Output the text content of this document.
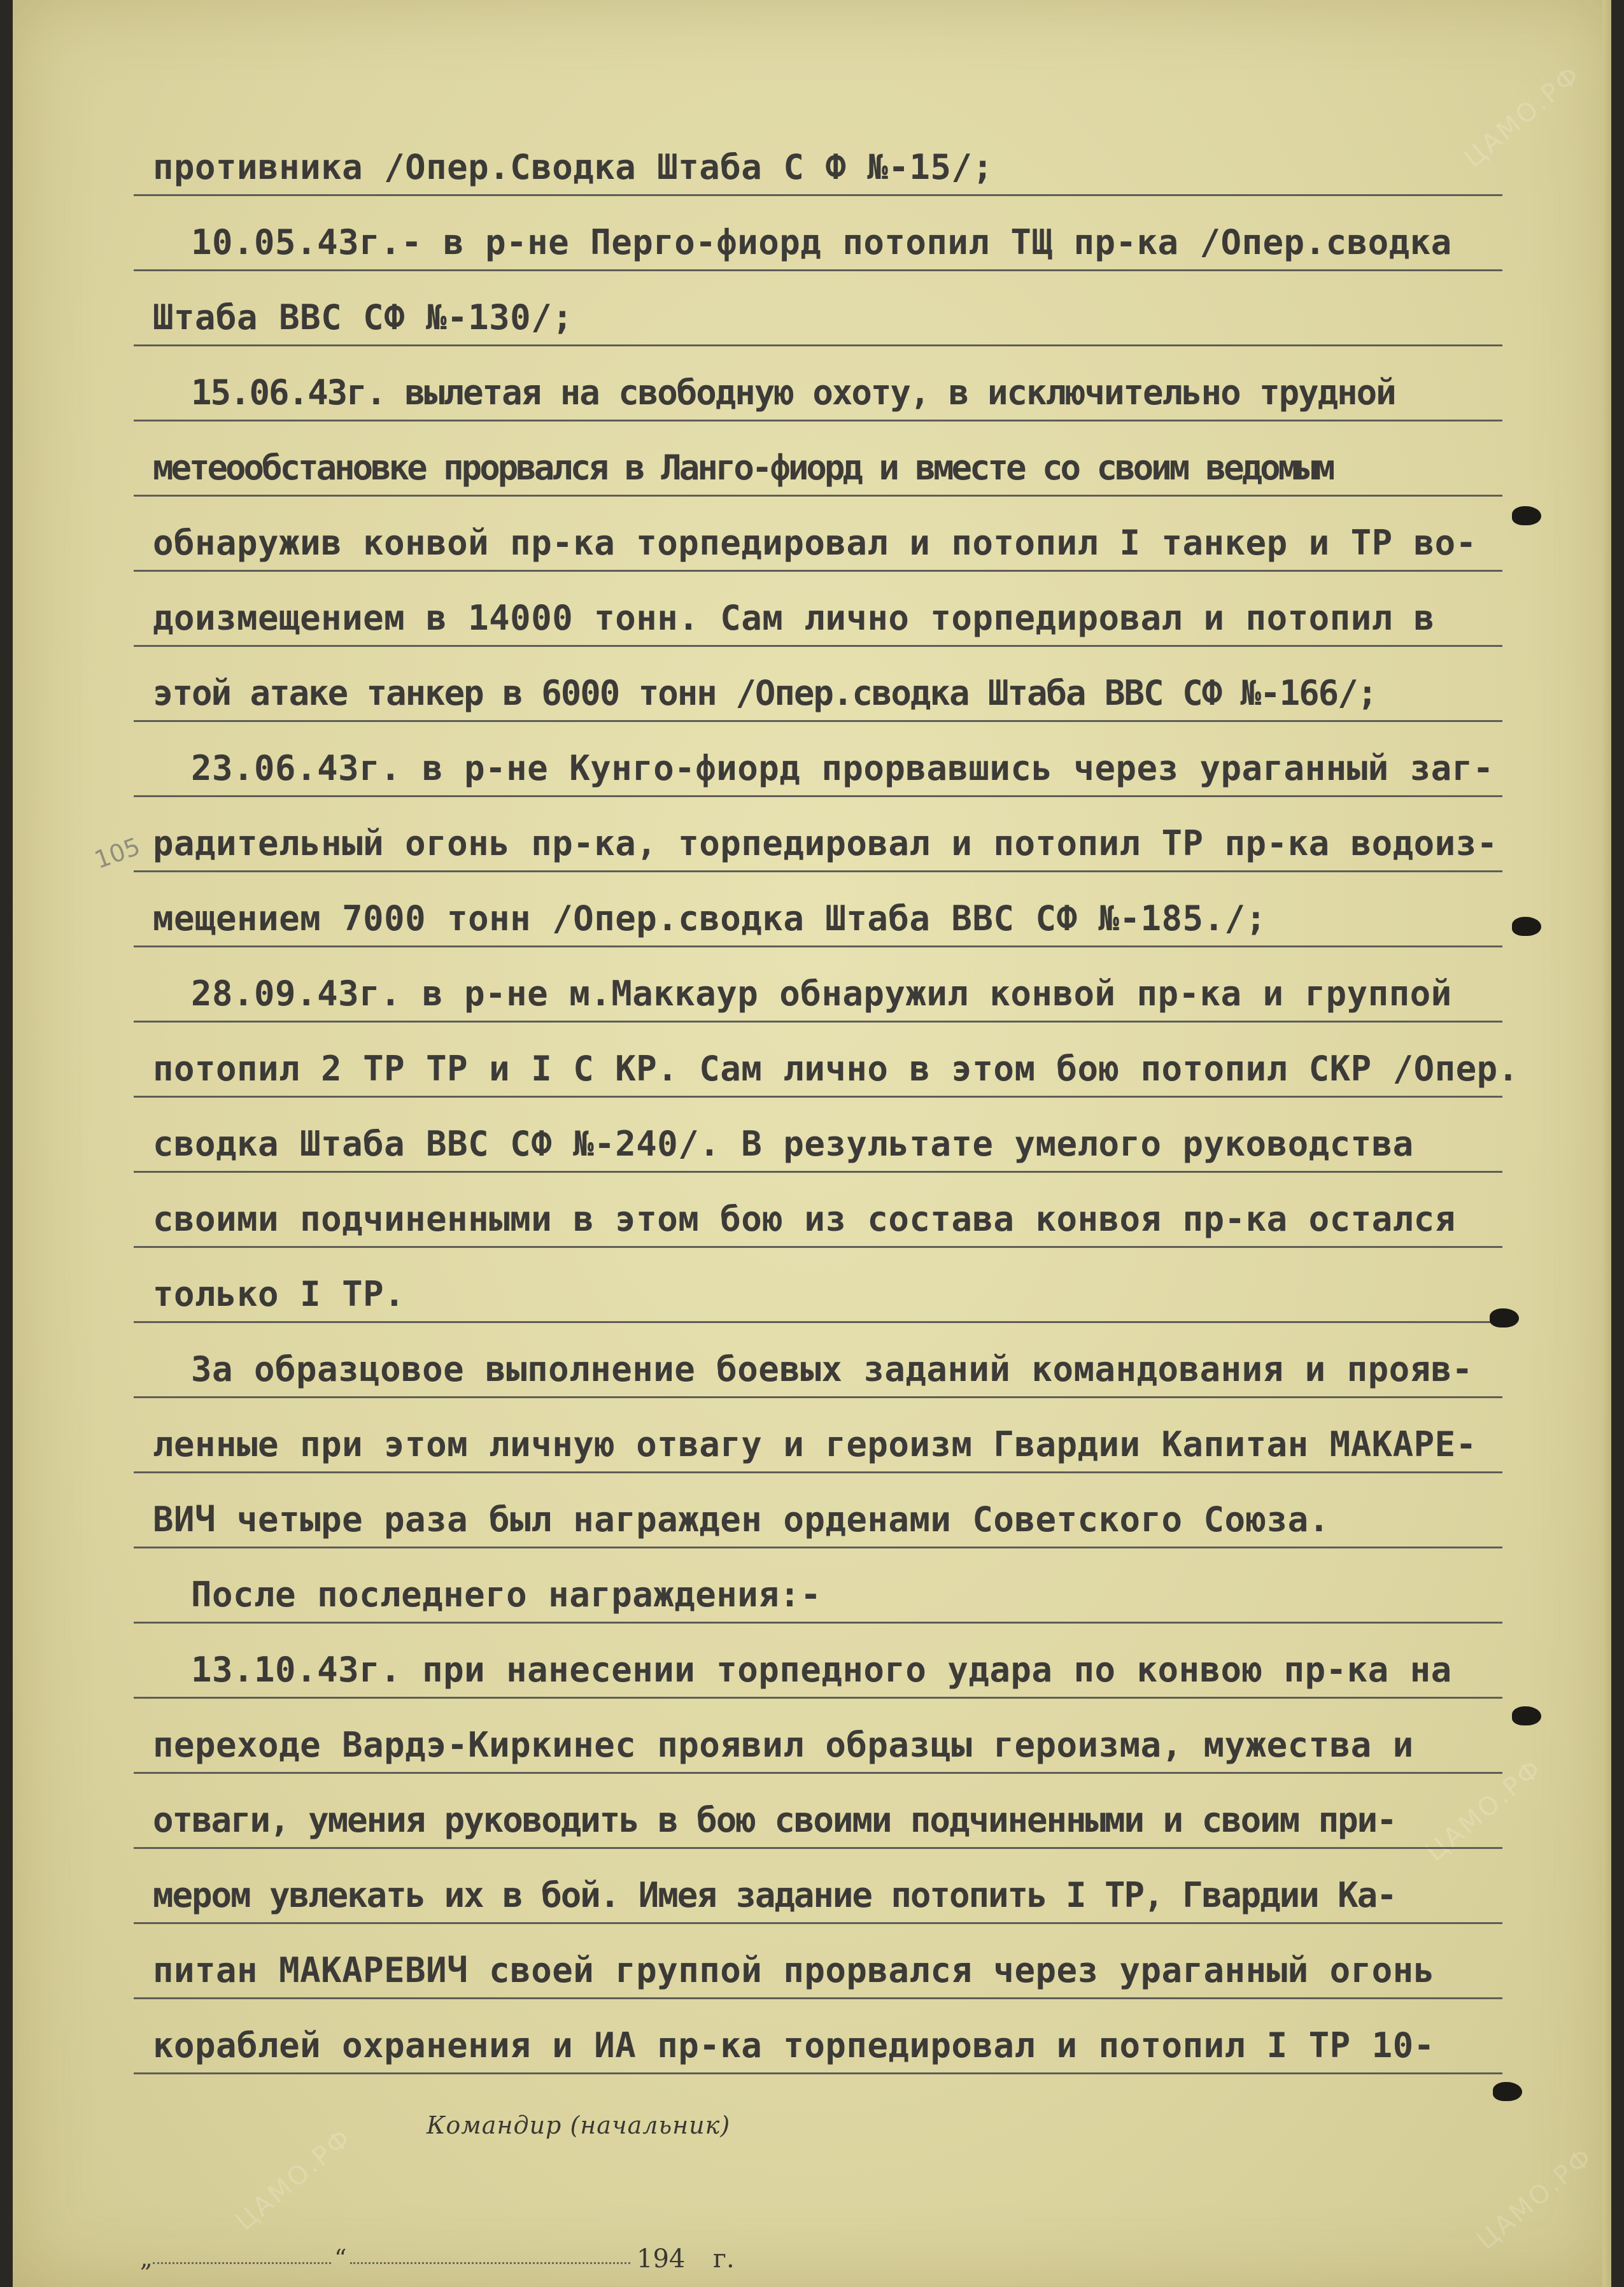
ЦАМО.РФ
ЦАМО.РФ
ЦАМО.РФ
ЦАМО.РФ
105
противника /Опер.Сводка Штаба С Ф №-15/;
10.05.43г.- в р-не Перго-фиорд потопил ТЩ пр-ка /Опер.сводка
Штаба ВВС СФ №-130/;
15.06.43г. вылетая на свободную охоту, в исключительно трудной
метеообстановке прорвался в Ланго-фиорд и вместе со своим ведомым
обнаружив конвой пр-ка торпедировал и потопил I танкер и ТР во-
доизмещением в 14000 тонн. Сам лично торпедировал и потопил в
этой атаке танкер в 6000 тонн /Опер.сводка Штаба ВВС СФ №-166/;
23.06.43г. в р-не Кунго-фиорд прорвавшись через ураганный заг-
радительный огонь пр-ка, торпедировал и потопил ТР пр-ка водоиз-
мещением 7000 тонн /Опер.сводка Штаба ВВС СФ №-185./;
28.09.43г. в р-не м.Маккаур обнаружил конвой пр-ка и группой
потопил 2 ТР ТР и I С КР. Сам лично в этом бою потопил СКР /Опер.
сводка Штаба ВВС СФ №-240/. В результате умелого руководства
своими подчиненными в этом бою из состава конвоя пр-ка остался
только I ТР.
За образцовое выполнение боевых заданий командования и прояв-
ленные при этом личную отвагу и героизм Гвардии Капитан МАКАРЕ-
ВИЧ четыре раза был награжден орденами Советского Союза.
После последнего награждения:-
13.10.43г. при нанесении торпедного удара по конвою пр-ка на
переходе Вардэ-Киркинес проявил образцы героизма, мужества и
отваги, умения руководить в бою своими подчиненными и своим при-
мером увлекать их в бой. Имея задание потопить I ТР, Гвардии Ка-
питан МАКАРЕВИЧ своей группой прорвался через ураганный огонь
кораблей охранения и ИА пр-ка торпедировал и потопил I ТР 10-
Командир (начальник)
„	“	194 г.
